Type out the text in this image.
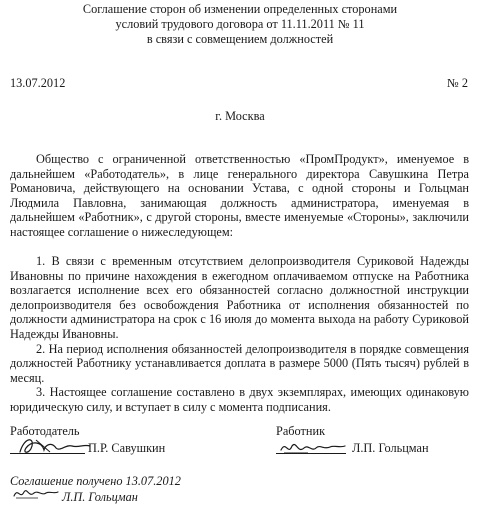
Соглашение сторон об изменении определенных сторонами
условий трудового договора от 11.11.2011 № 11
в связи с совмещением должностей
13.07.2012	№ 2
г. Москва

Общество с ограниченной ответственностью «ПромПродукт», именуемое в дальнейшем «Работодатель», в лице генерального директора Савушкина Петра Романовича, действующего на основании Устава, с одной стороны и Гольцман Людмила Павловна, занимающая должность администратора, именуемая в дальнейшем «Работник», с другой стороны, вместе именуемые «Стороны», заключили настоящее соглашение о нижеследующем:

1. В связи с временным отсутствием делопроизводителя Суриковой Надежды Ивановны по причине нахождения в ежегодном оплачиваемом отпуске на Работника возлагается исполнение всех его обязанностей согласно должностной инструкции делопроизводителя без освобождения Работника от исполнения обязанностей по должности администратора на срок с 16 июля до момента выхода на работу Суриковой Надежды Ивановны.

2. На период исполнения обязанностей делопроизводителя в порядке совмещения должностей Работнику устанавливается доплата в размере 5000 (Пять тысяч) рублей в месяц.

3. Настоящее соглашение составлено в двух экземплярах, имеющих одинаковую юридическую силу, и вступает в силу с момента подписания.

Работодатель
П.Р. Савушкин
Работник
Л.П. Гольцман
Соглашение получено 13.07.2012
Л.П. Гольцман
